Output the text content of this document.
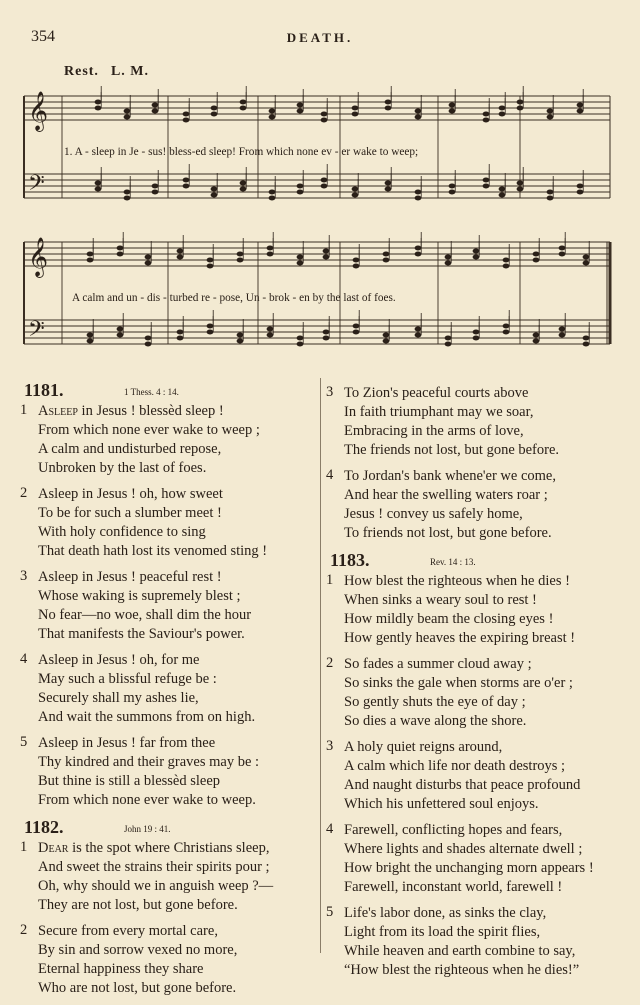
354	DEATH.
Rest. L. M.
𝄞
𝄢
𝄞
𝄢
1. A - sleep in Je - sus! bless-ed sleep! From which none ev - er wake to weep;
A calm and un - dis - turbed re - pose, Un - brok - en by the last of foes.
1181.	1 Thess. 4 : 14.
1 Asleep in Jesus ! blessèd sleep !
From which none ever wake to weep ;
A calm and undisturbed repose,
Unbroken by the last of foes.
2 Asleep in Jesus ! oh, how sweet
To be for such a slumber meet !
With holy confidence to sing
That death hath lost its venomed sting !
3 Asleep in Jesus ! peaceful rest !
Whose waking is supremely blest ;
No fear—no woe, shall dim the hour
That manifests the Saviour's power.
4 Asleep in Jesus ! oh, for me
May such a blissful refuge be :
Securely shall my ashes lie,
And wait the summons from on high.
5 Asleep in Jesus ! far from thee
Thy kindred and their graves may be :
But thine is still a blessèd sleep
From which none ever wake to weep.
1182.	John 19 : 41.
1 Dear is the spot where Christians sleep,
And sweet the strains their spirits pour ;
Oh, why should we in anguish weep ?—
They are not lost, but gone before.
2 Secure from every mortal care,
By sin and sorrow vexed no more,
Eternal happiness they share
Who are not lost, but gone before.
3 To Zion's peaceful courts above
In faith triumphant may we soar,
Embracing in the arms of love,
The friends not lost, but gone before.
4 To Jordan's bank whene'er we come,
And hear the swelling waters roar ;
Jesus ! convey us safely home,
To friends not lost, but gone before.
1183.	Rev. 14 : 13.
1 How blest the righteous when he dies !
When sinks a weary soul to rest !
How mildly beam the closing eyes !
How gently heaves the expiring breast !
2 So fades a summer cloud away ;
So sinks the gale when storms are o'er ;
So gently shuts the eye of day ;
So dies a wave along the shore.
3 A holy quiet reigns around,
A calm which life nor death destroys ;
And naught disturbs that peace profound
Which his unfettered soul enjoys.
4 Farewell, conflicting hopes and fears,
Where lights and shades alternate dwell ;
How bright the unchanging morn appears !
Farewell, inconstant world, farewell !
5 Life's labor done, as sinks the clay,
Light from its load the spirit flies,
While heaven and earth combine to say,
“How blest the righteous when he dies!”
